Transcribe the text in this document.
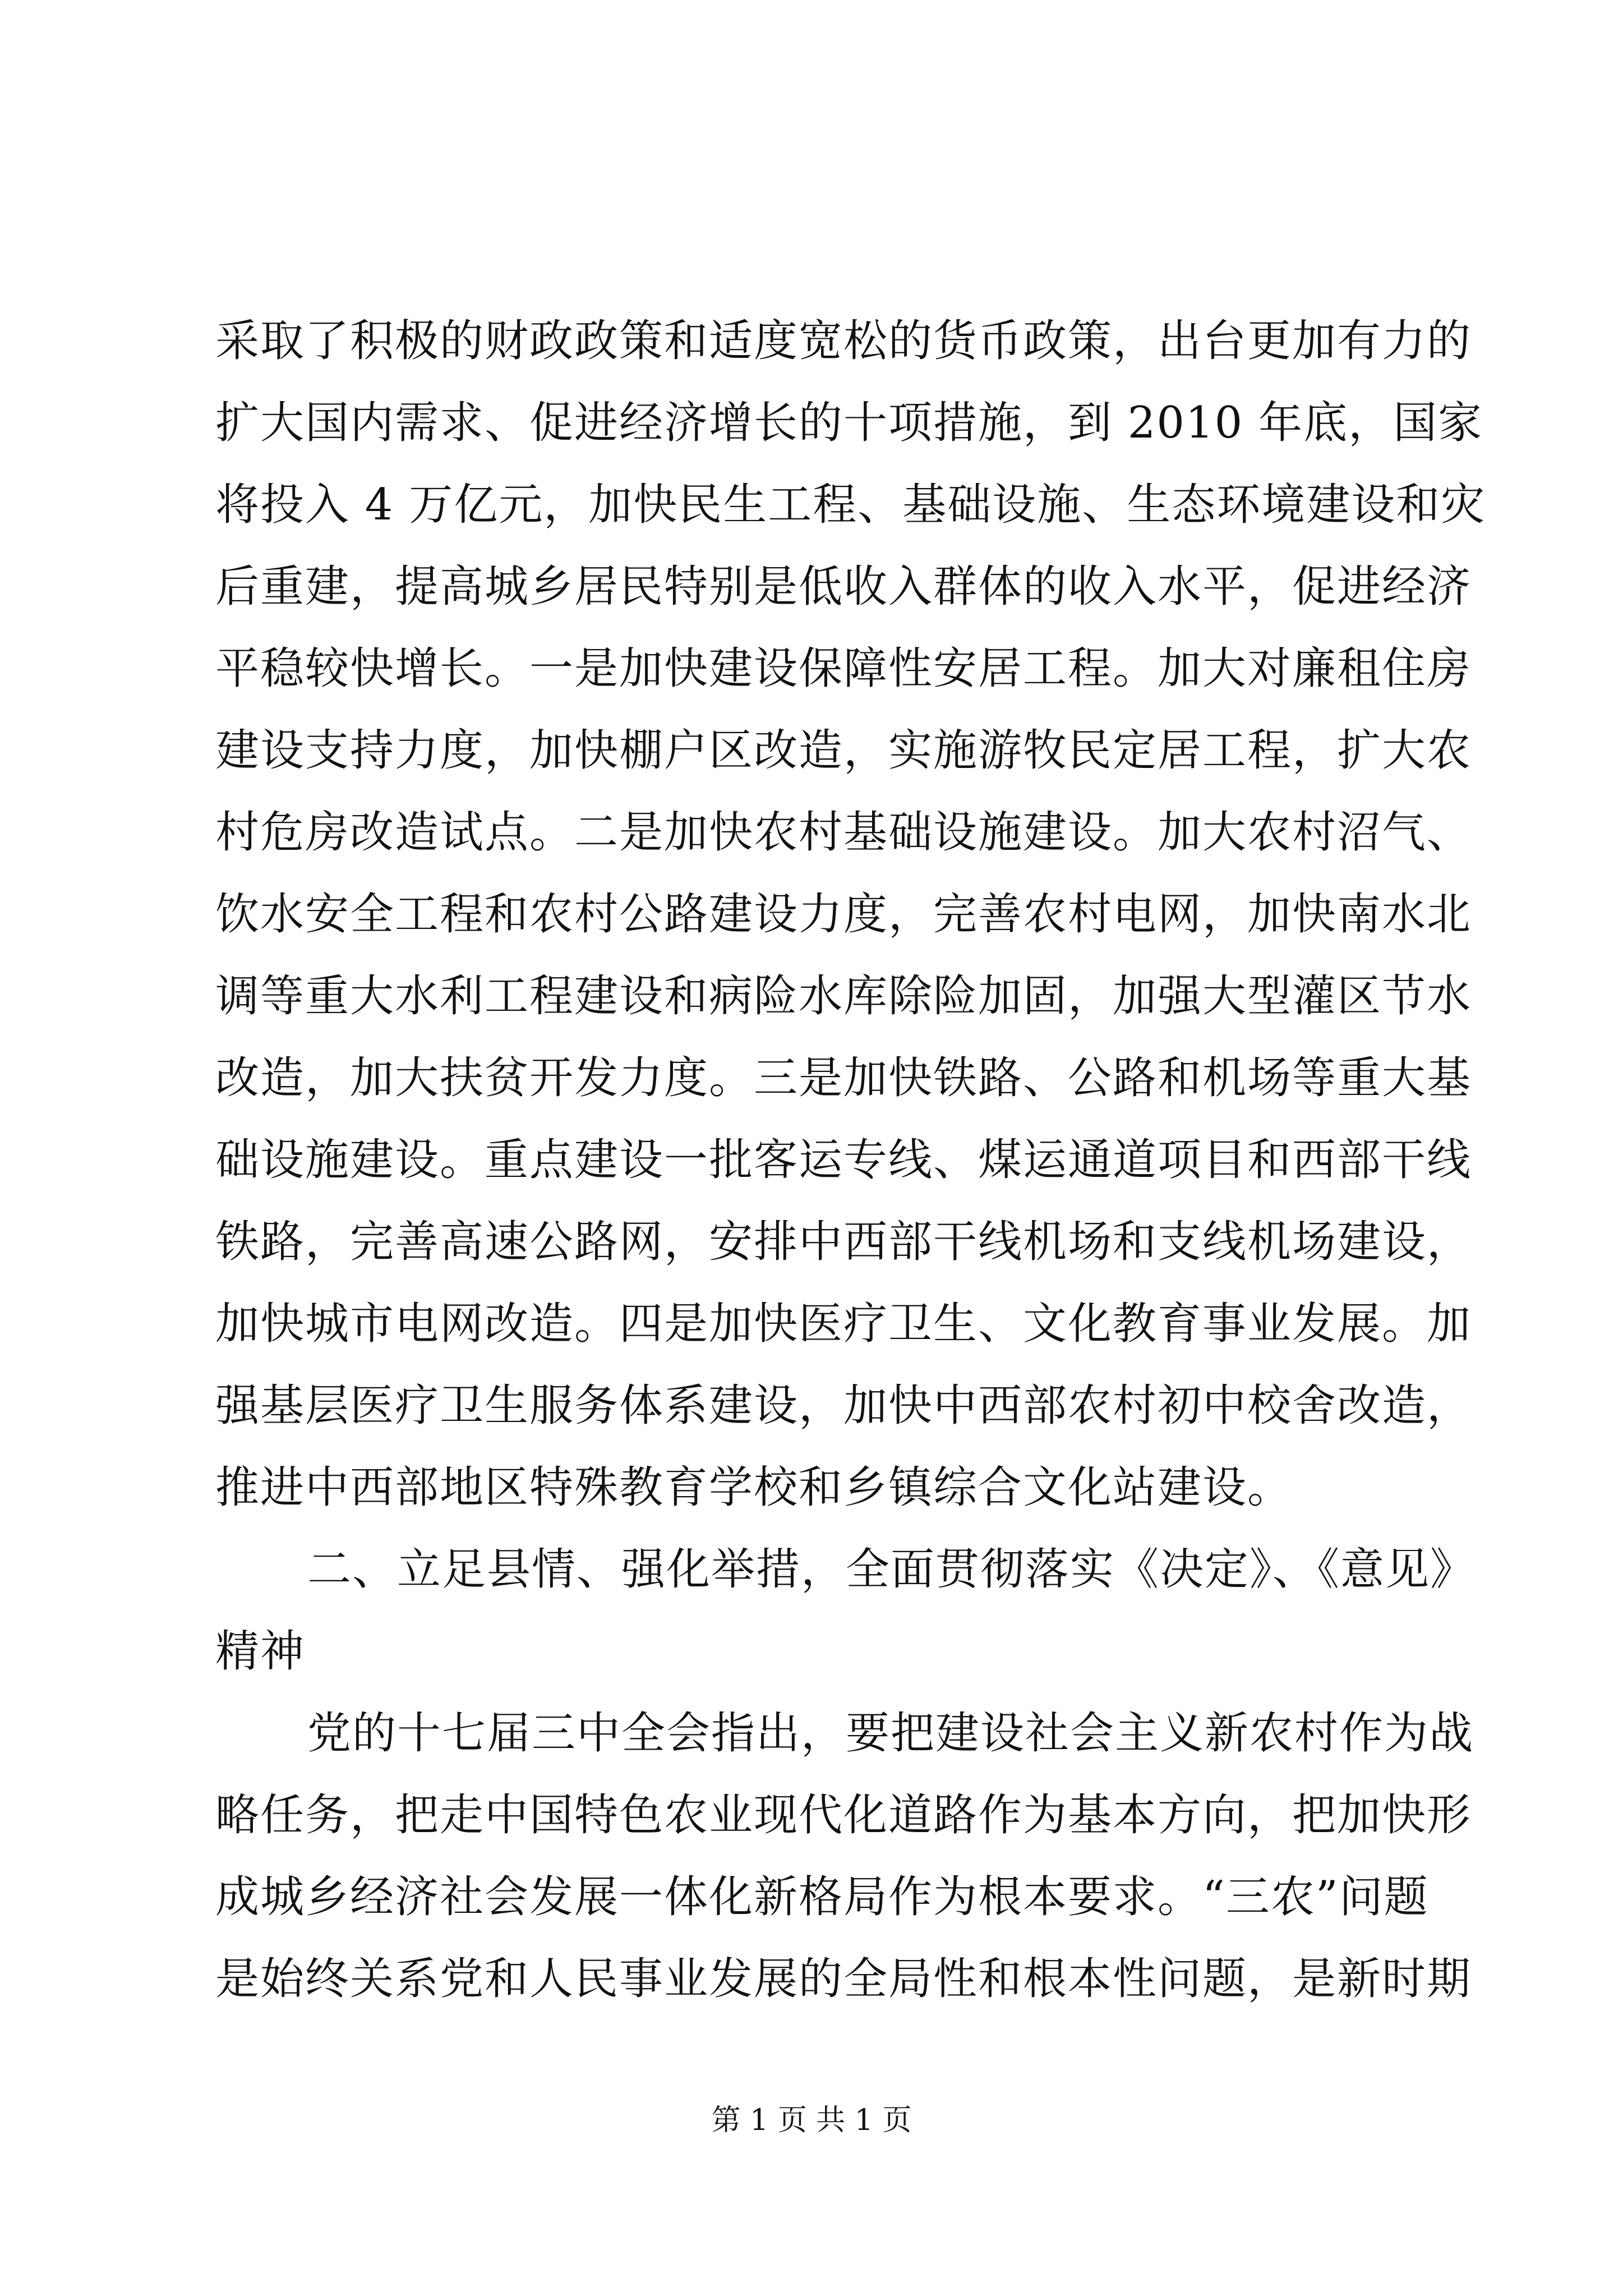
采取了积极的财政政策和适度宽松的货币政策，出台更加有力的
扩大国内需求、促进经济增长的十项措施，到 2010 年底，国家
将投入 4 万亿元，加快民生工程、基础设施、生态环境建设和灾
后重建，提高城乡居民特别是低收入群体的收入水平，促进经济
平稳较快增长。一是加快建设保障性安居工程。加大对廉租住房
建设支持力度，加快棚户区改造，实施游牧民定居工程，扩大农
村危房改造试点。二是加快农村基础设施建设。加大农村沼气、
饮水安全工程和农村公路建设力度，完善农村电网，加快南水北
调等重大水利工程建设和病险水库除险加固，加强大型灌区节水
改造，加大扶贫开发力度。三是加快铁路、公路和机场等重大基
础设施建设。重点建设一批客运专线、煤运通道项目和西部干线
铁路，完善高速公路网，安排中西部干线机场和支线机场建设，
加快城市电网改造。四是加快医疗卫生、文化教育事业发展。加
强基层医疗卫生服务体系建设，加快中西部农村初中校舍改造，
推进中西部地区特殊教育学校和乡镇综合文化站建设。
二、立足县情、强化举措，全面贯彻落实《决定》、《意见》
精神
党的十七届三中全会指出，要把建设社会主义新农村作为战
略任务，把走中国特色农业现代化道路作为基本方向，把加快形
成城乡经济社会发展一体化新格局作为根本要求。“三农”问题
是始终关系党和人民事业发展的全局性和根本性问题，是新时期
第 1 页 共 1 页
